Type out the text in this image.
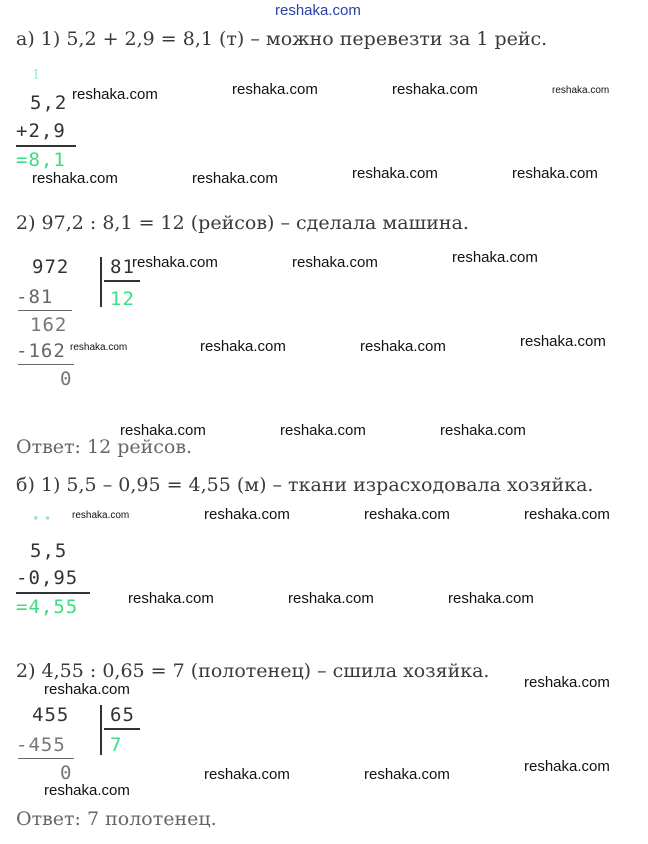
reshaka.com
а) 1) 5,2 + 2,9 = 8,1 (т) – можно перевезти за 1 рейс.
1
5,2
+2,9
=8,1
2) 97,2 : 8,1 = 12 (рейсов) – сделала машина.
972 81
12
-81
162
-162
0
Ответ: 12 рейсов.
б) 1) 5,5 – 0,95 = 4,55 (м) – ткани израсходовала хозяйка.
• •
5,5
-0,95
=4,55
2) 4,55 : 0,65 = 7 (полотенец) – сшила хозяйка.
455 65
7
-455
0
Ответ: 7 полотенец.
reshaka.com	reshaka.com	reshaka.com	reshaka.com
reshaka.com	reshaka.com	reshaka.com	reshaka.com
reshaka.com	reshaka.com	reshaka.com
reshaka.com	reshaka.com	reshaka.com	reshaka.com
reshaka.com	reshaka.com	reshaka.com
reshaka.com	reshaka.com	reshaka.com	reshaka.com
reshaka.com	reshaka.com	reshaka.com
reshaka.com	reshaka.com
reshaka.com	reshaka.com	reshaka.com
reshaka.com
